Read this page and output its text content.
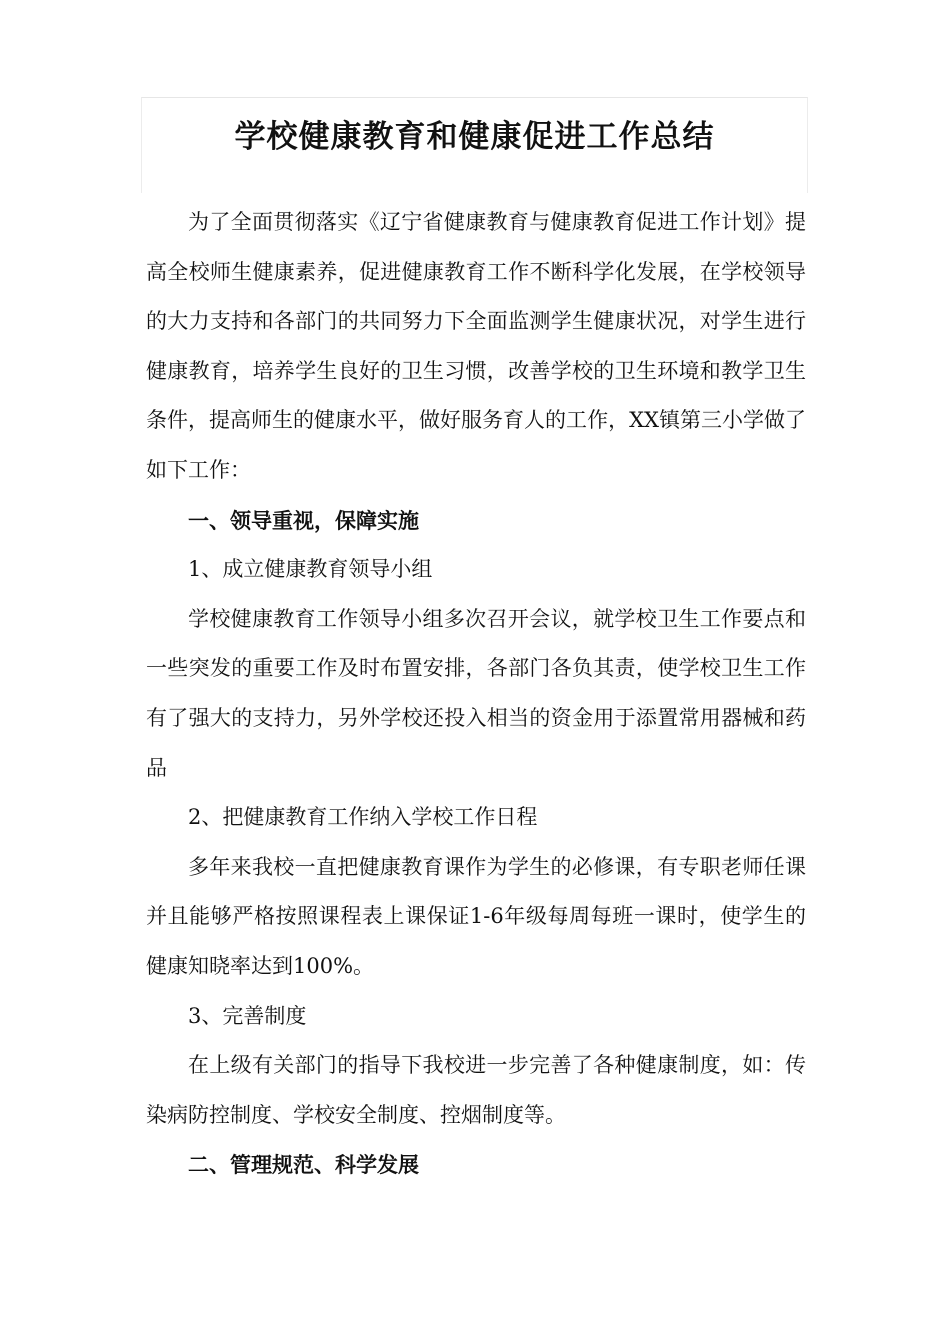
学校健康教育和健康促进工作总结

为了全面贯彻落实《辽宁省健康教育与健康教育促进工作计划》提高全校师生健康素养，促进健康教育工作不断科学化发展，在学校领导的大力支持和各部门的共同努力下全面监测学生健康状况，对学生进行健康教育，培养学生良好的卫生习惯，改善学校的卫生环境和教学卫生条件，提高师生的健康水平，做好服务育人的工作，XX镇第三小学做了如下工作：

一、领导重视，保障实施

1、成立健康教育领导小组

学校健康教育工作领导小组多次召开会议，就学校卫生工作要点和一些突发的重要工作及时布置安排，各部门各负其责，使学校卫生工作有了强大的支持力，另外学校还投入相当的资金用于添置常用器械和药品

2、把健康教育工作纳入学校工作日程

多年来我校一直把健康教育课作为学生的必修课，有专职老师任课并且能够严格按照课程表上课保证1-6年级每周每班一课时，使学生的健康知晓率达到100%。

3、完善制度

在上级有关部门的指导下我校进一步完善了各种健康制度，如：传染病防控制度、学校安全制度、控烟制度等。

二、管理规范、科学发展
